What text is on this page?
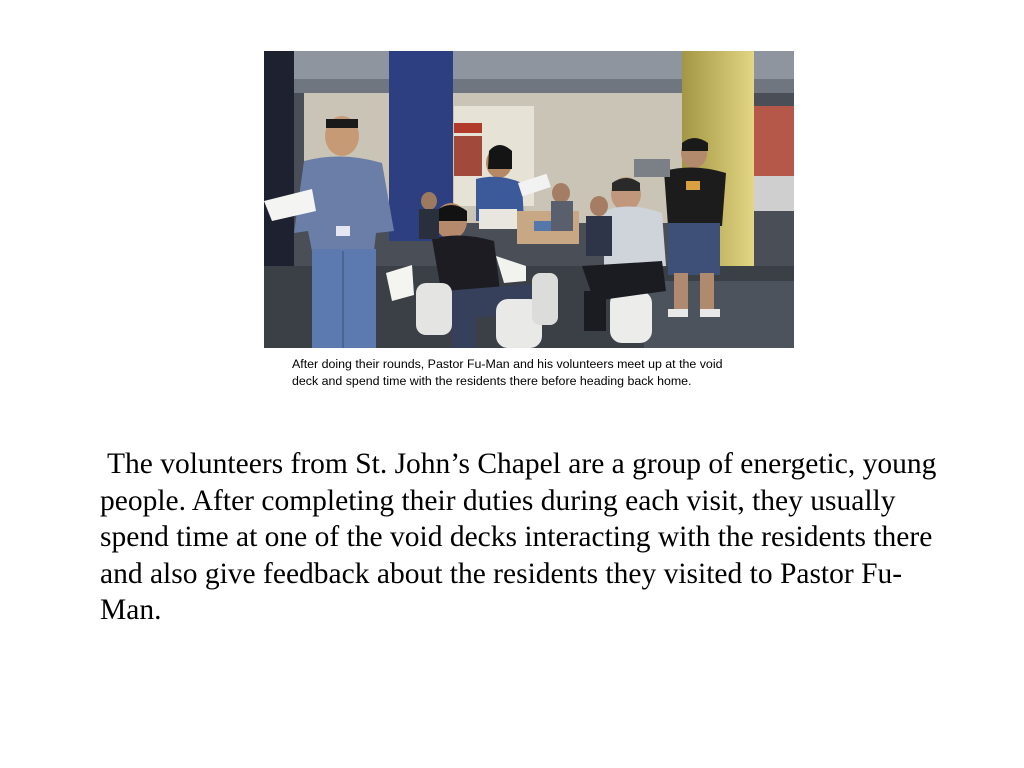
After doing their rounds, Pastor Fu-Man and his volunteers meet up at the void deck and spend time with the residents there before heading back home.

The volunteers from St. John’s Chapel are a group of energetic, young people. After completing their duties during each visit, they usually spend time at one of the void decks interacting with the residents there and also give feedback about the residents they visited to Pastor Fu-Man.
